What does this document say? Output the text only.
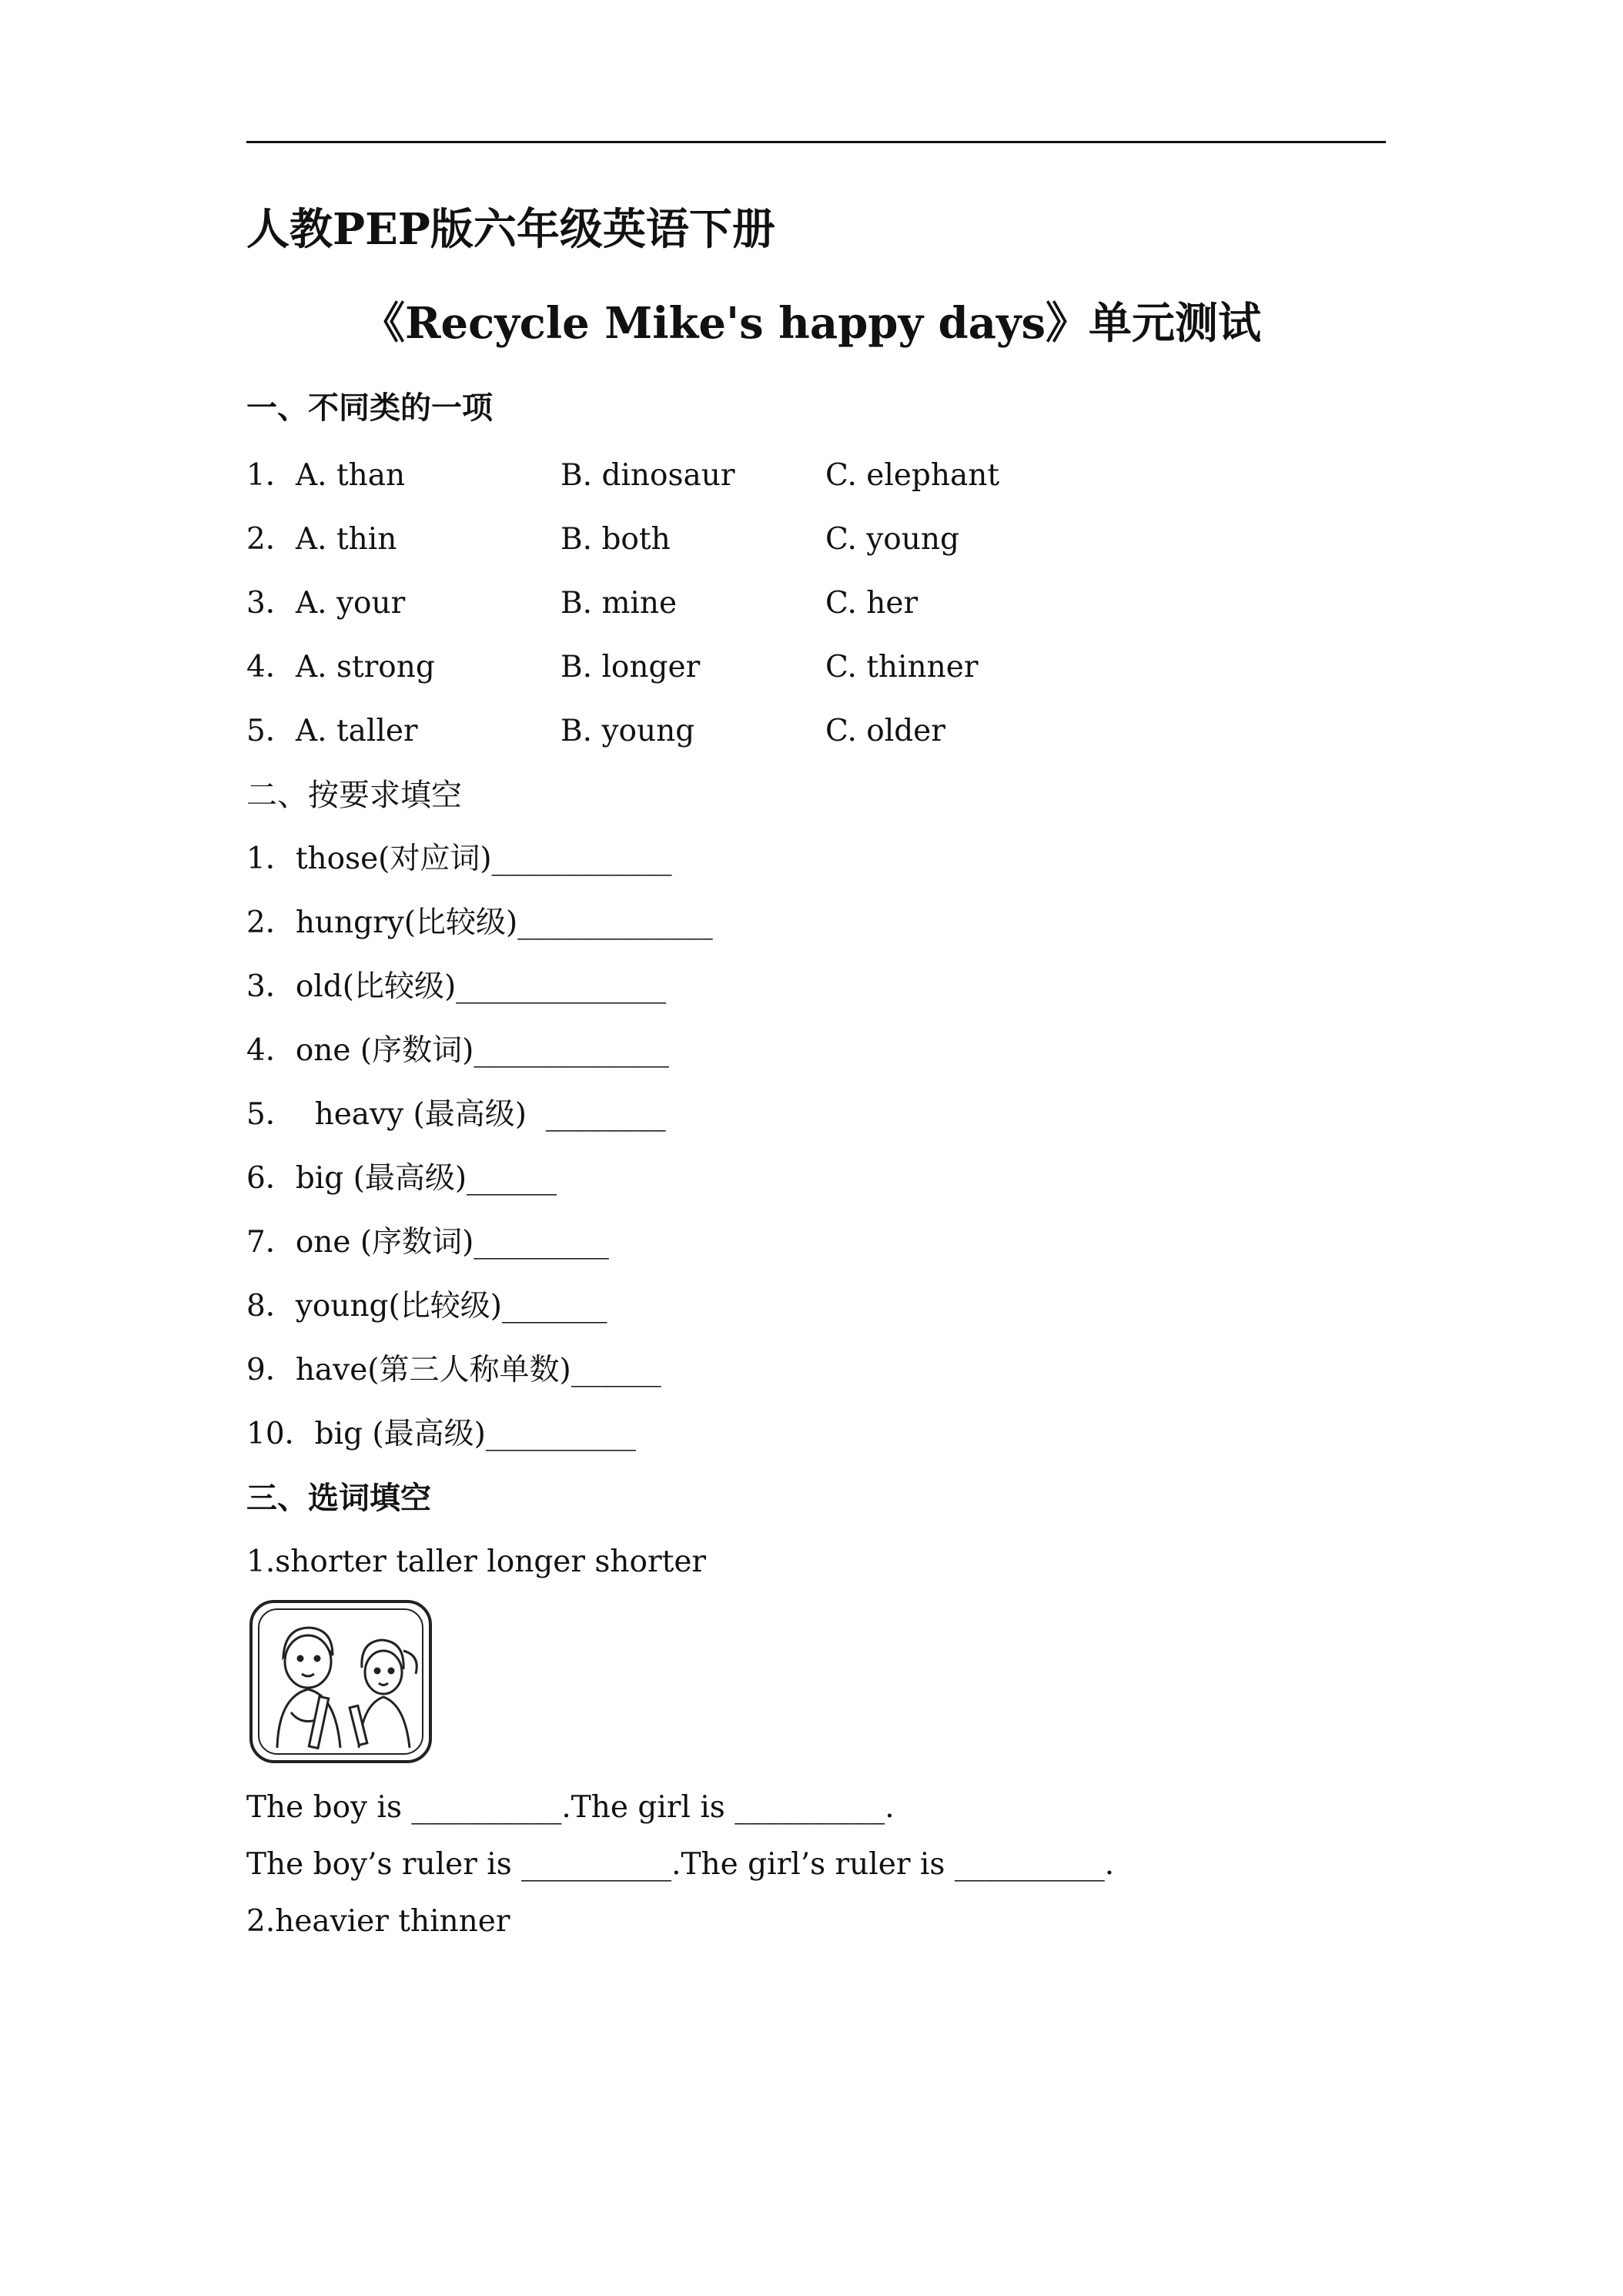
人教PEP版六年级英语下册
《Recycle Mike's happy days》单元测试
一、不同类的一项
1． A. than	B. dinosaur	C. elephant
2． A. thin	B. both	C. young
3． A. your	B. mine	C. her
4． A. strong	B. longer	C. thinner
5． A. taller	B. young	C. older
二、按要求填空
1．those(对应词)____________
2．hungry(比较级)_____________
3．old(比较级)______________
4．one (序数词)_____________
5．  heavy (最高级)  ________
6．big (最高级)______
7．one (序数词)_________
8．young(比较级)_______
9．have(第三人称单数)______
10．big (最高级)__________
三、选词填空
1.shorter taller longer shorter
The boy is __________.The girl is __________.
The boy’s ruler is __________.The girl’s ruler is __________.
2.heavier thinner
